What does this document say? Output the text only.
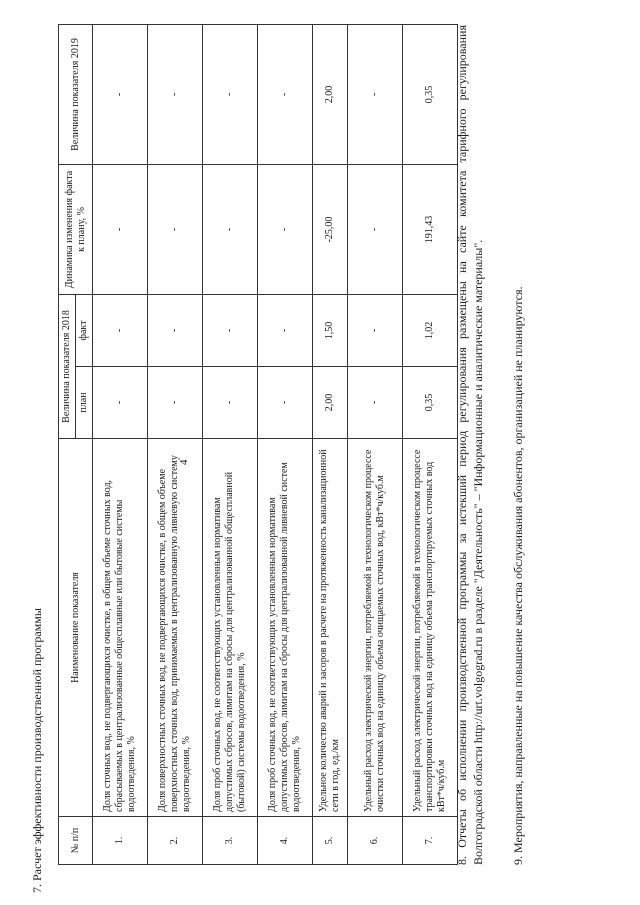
4
7. Расчет эффективности производственной программы	№ п/п	Наименование показателя	Величина показателя 2018		Динамика изменения факта к плану, %	Величина показателя 2019
		план	факт		
1.	Доля сточных вод, не подвергающихся очистке, в общем объеме сточных вод, сбрасываемых в централизованные общесплавные или бытовые системы водоотведения, %	-	-	-	-
2.	Доля поверхностных сточных вод, не подвергающихся очистке, в общем объеме поверхностных сточных вод, принимаемых в централизованную ливневую систему водоотведения, %	-	-	-	-
3.	Доля проб сточных вод, не соответствующих установленным нормативам допустимых сбросов, лимитам на сбросы для централизованной общесплавной (бытовой) системы водоотведения, %	-	-	-	-
4.	Доля проб сточных вод, не соответствующих установленным нормативам допустимых сбросов, лимитам на сбросы для централизованной ливневой систем водоотведения, %	-	-	-	-
5.	Удельное количество аварий и засоров в расчете на протяженность канализационной сети в год, ед./км	2,00	1,50	-25,00	2,00
6.	Удельный расход электрической энергии, потребляемой в технологическом процессе очистки сточных вод на единицу объема очищаемых сточных вод, кВт*ч/куб.м	-	-	-	-
7.	Удельный расход электрической энергии, потребляемой в технологическом процессе транспортировки сточных вод на единицу объема транспортируемых сточных вод кВт*ч/куб.м	0,35	1,02	191,43	0,35 8. Отчеты об исполнении производственной программы за истекший период регулирования размещены на сайте комитета тарифного регулирования Волгоградской области http://urt.volgograd.ru в разделе "Деятельность" – "Информационные и аналитические материалы". 9. Мероприятия, направленные на повышение качества обслуживания абонентов, организацией не планируются.
